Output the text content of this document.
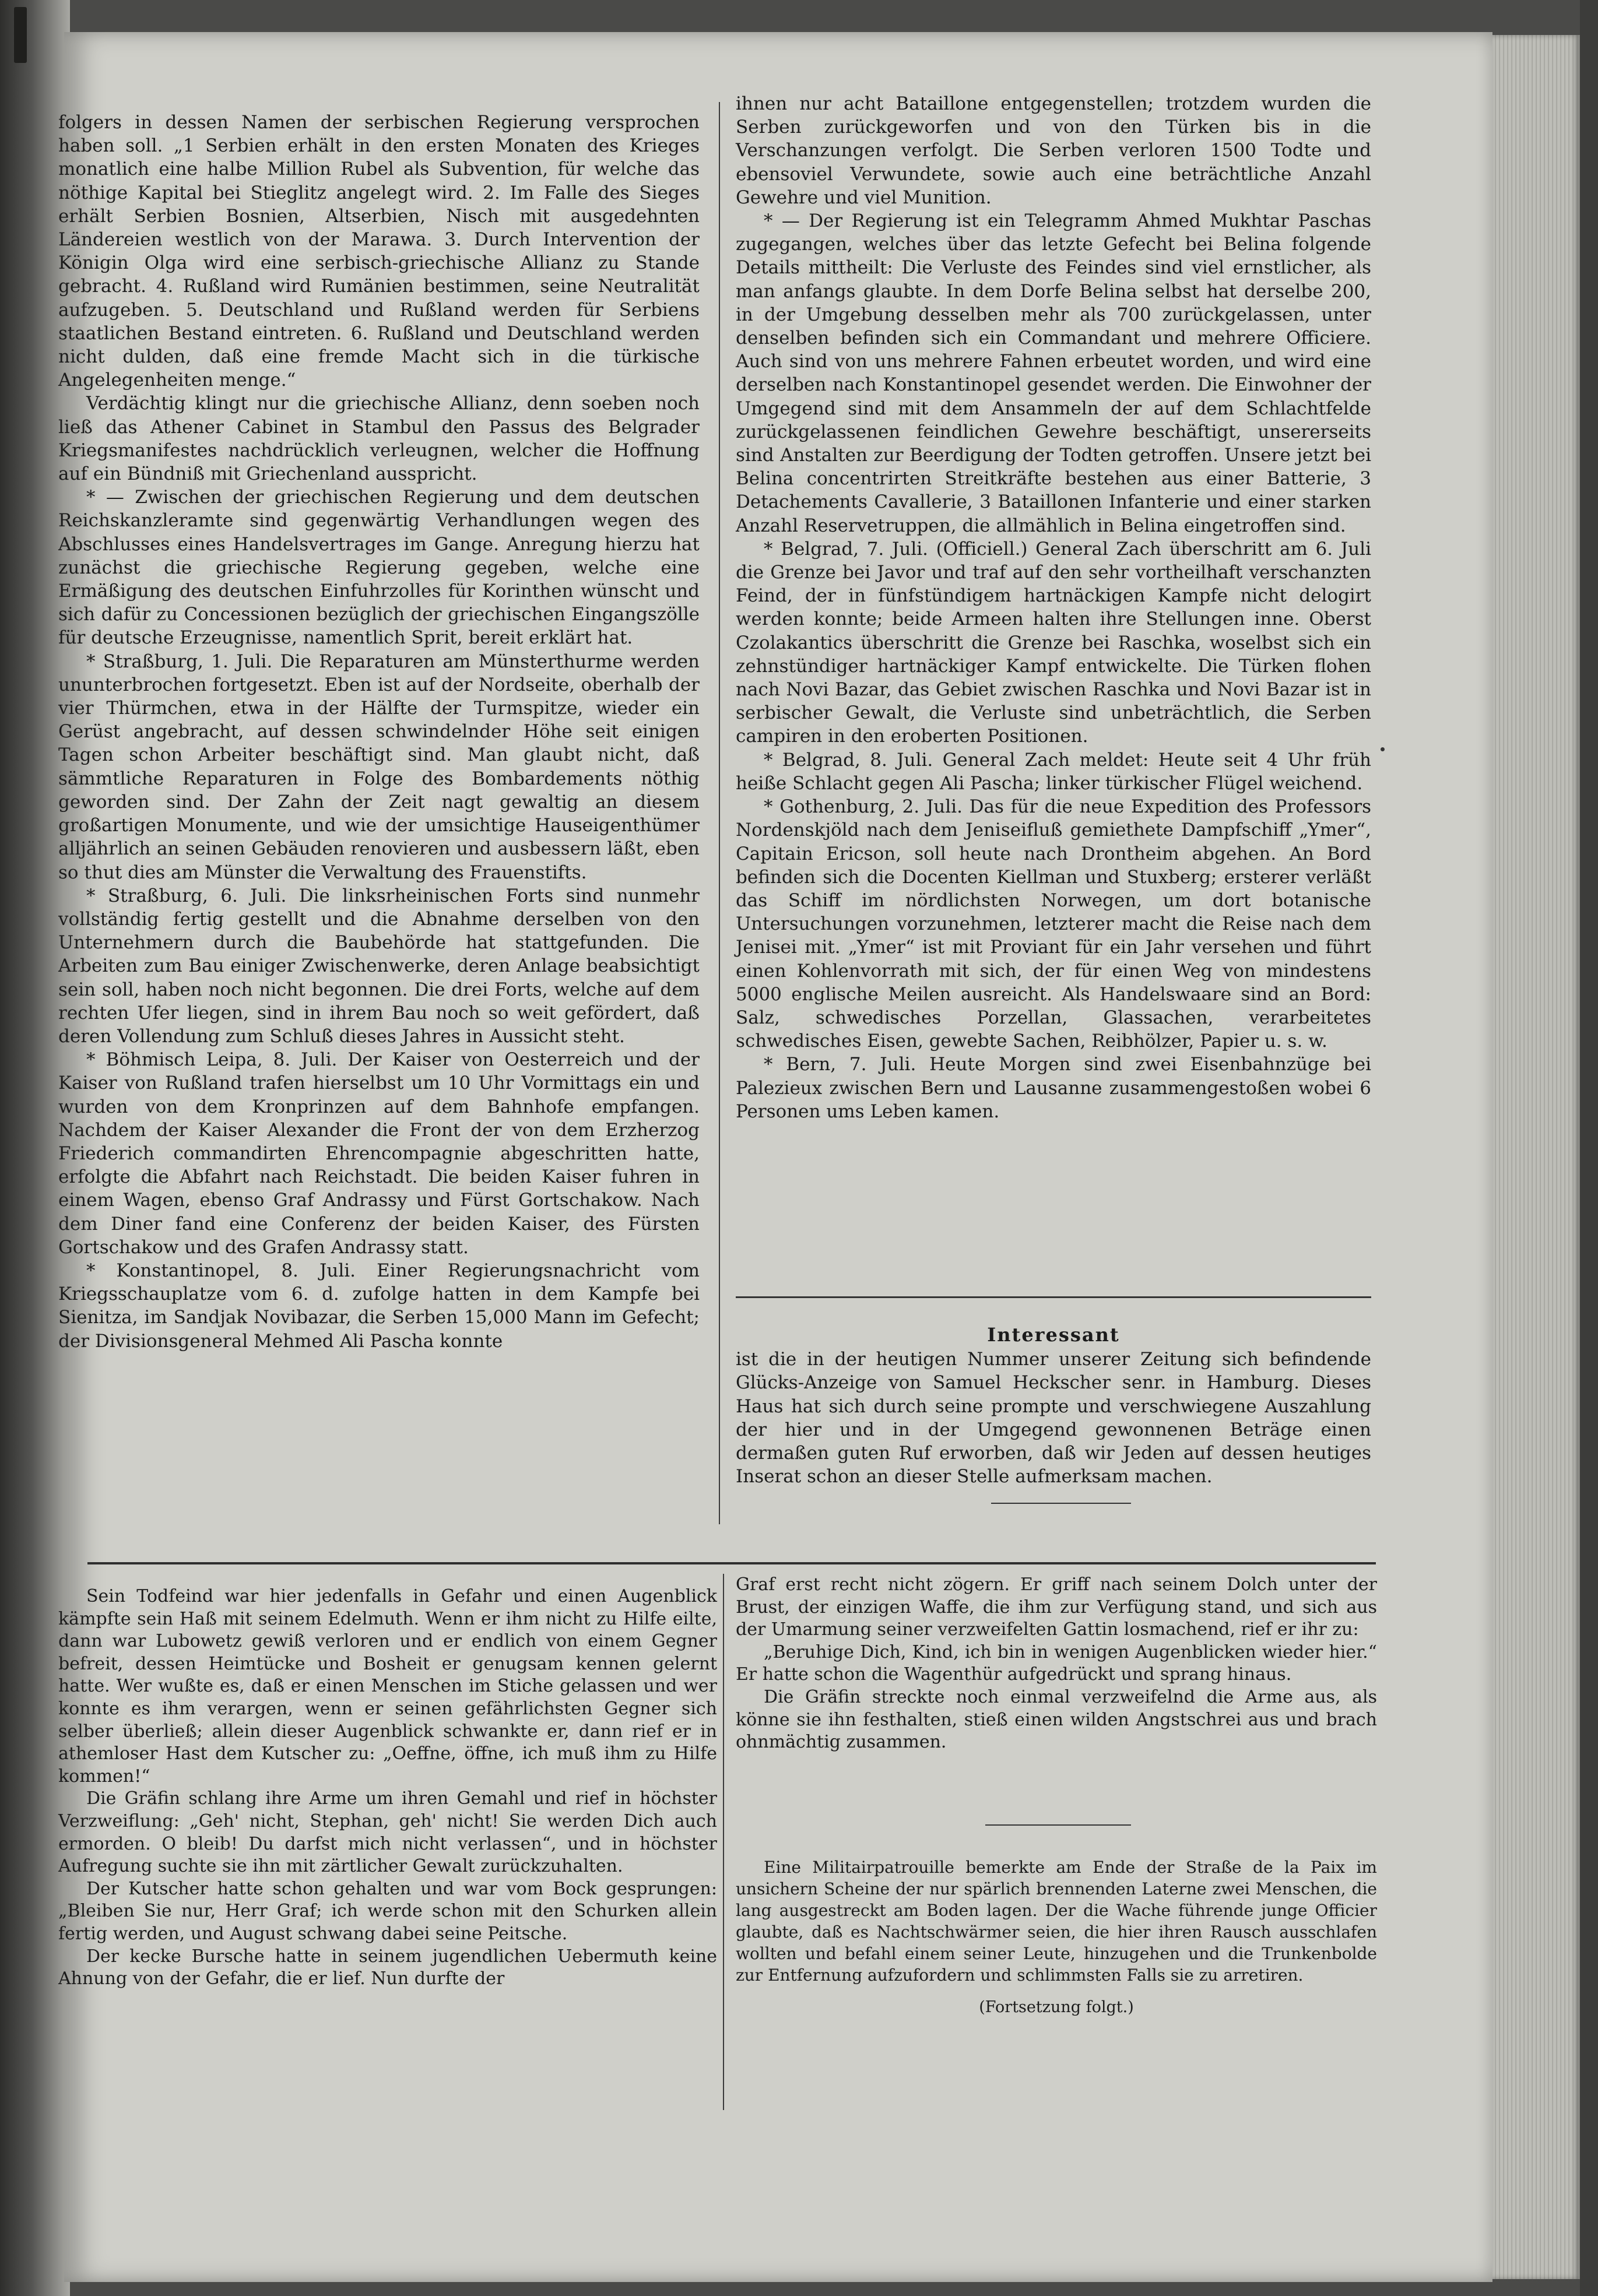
folgers in dessen Namen der serbischen Regierung versprochen haben soll. „1 Serbien erhält in den ersten Monaten des Krieges monatlich eine halbe Million Rubel als Subvention, für welche das nöthige Kapital bei Stieglitz angelegt wird. 2. Im Falle des Sieges erhält Serbien Bosnien, Altserbien, Nisch mit ausgedehnten Ländereien westlich von der Marawa. 3. Durch Intervention der Königin Olga wird eine serbisch-griechische Allianz zu Stande gebracht. 4. Rußland wird Rumänien bestimmen, seine Neutralität aufzugeben. 5. Deutschland und Rußland werden für Serbiens staatlichen Bestand eintreten. 6. Rußland und Deutschland werden nicht dulden, daß eine fremde Macht sich in die türkische Angelegenheiten menge.“

Verdächtig klingt nur die griechische Allianz, denn soeben noch ließ das Athener Cabinet in Stambul den Passus des Belgrader Kriegsmanifestes nachdrücklich verleugnen, welcher die Hoffnung auf ein Bündniß mit Griechenland ausspricht.

* — Zwischen der griechischen Regierung und dem deutschen Reichskanzleramte sind gegenwärtig Verhandlungen wegen des Abschlusses eines Handelsvertrages im Gange. Anregung hierzu hat zunächst die griechische Regierung gegeben, welche eine Ermäßigung des deutschen Einfuhrzolles für Korinthen wünscht und sich dafür zu Concessionen bezüglich der griechischen Eingangszölle für deutsche Erzeugnisse, namentlich Sprit, bereit erklärt hat.

* Straßburg, 1. Juli. Die Reparaturen am Münsterthurme werden ununterbrochen fortgesetzt. Eben ist auf der Nordseite, oberhalb der vier Thürmchen, etwa in der Hälfte der Turmspitze, wieder ein Gerüst angebracht, auf dessen schwindelnder Höhe seit einigen Tagen schon Arbeiter beschäftigt sind. Man glaubt nicht, daß sämmtliche Reparaturen in Folge des Bombardements nöthig geworden sind. Der Zahn der Zeit nagt gewaltig an diesem großartigen Monumente, und wie der umsichtige Hauseigenthümer alljährlich an seinen Gebäuden renovieren und ausbessern läßt, eben so thut dies am Münster die Verwaltung des Frauenstifts.

* Straßburg, 6. Juli. Die linksrheinischen Forts sind nunmehr vollständig fertig gestellt und die Abnahme derselben von den Unternehmern durch die Baubehörde hat stattgefunden. Die Arbeiten zum Bau einiger Zwischenwerke, deren Anlage beabsichtigt sein soll, haben noch nicht begonnen. Die drei Forts, welche auf dem rechten Ufer liegen, sind in ihrem Bau noch so weit gefördert, daß deren Vollendung zum Schluß dieses Jahres in Aussicht steht.

* Böhmisch Leipa, 8. Juli. Der Kaiser von Oesterreich und der Kaiser von Rußland trafen hierselbst um 10 Uhr Vormittags ein und wurden von dem Kronprinzen auf dem Bahnhofe empfangen. Nachdem der Kaiser Alexander die Front der von dem Erzherzog Friederich commandirten Ehrencompagnie abgeschritten hatte, erfolgte die Abfahrt nach Reichstadt. Die beiden Kaiser fuhren in einem Wagen, ebenso Graf Andrassy und Fürst Gortschakow. Nach dem Diner fand eine Conferenz der beiden Kaiser, des Fürsten Gortschakow und des Grafen Andrassy statt.

* Konstantinopel, 8. Juli. Einer Regierungsnachricht vom Kriegsschauplatze vom 6. d. zufolge hatten in dem Kampfe bei Sienitza, im Sandjak Novibazar, die Serben 15,000 Mann im Gefecht; der Divisionsgeneral Mehmed Ali Pascha konnte

ihnen nur acht Bataillone entgegenstellen; trotzdem wurden die Serben zurückgeworfen und von den Türken bis in die Verschanzungen verfolgt. Die Serben verloren 1500 Todte und ebensoviel Verwundete, sowie auch eine beträchtliche Anzahl Gewehre und viel Munition.

* — Der Regierung ist ein Telegramm Ahmed Mukhtar Paschas zugegangen, welches über das letzte Gefecht bei Belina folgende Details mittheilt: Die Verluste des Feindes sind viel ernstlicher, als man anfangs glaubte. In dem Dorfe Belina selbst hat derselbe 200, in der Umgebung desselben mehr als 700 zurückgelassen, unter denselben befinden sich ein Commandant und mehrere Officiere. Auch sind von uns mehrere Fahnen erbeutet worden, und wird eine derselben nach Konstantinopel gesendet werden. Die Einwohner der Umgegend sind mit dem Ansammeln der auf dem Schlachtfelde zurückgelassenen feindlichen Gewehre beschäftigt, unsererseits sind Anstalten zur Beerdigung der Todten getroffen. Unsere jetzt bei Belina concentrirten Streitkräfte bestehen aus einer Batterie, 3 Detachements Cavallerie, 3 Bataillonen Infanterie und einer starken Anzahl Reservetruppen, die allmählich in Belina eingetroffen sind.

* Belgrad, 7. Juli. (Officiell.) General Zach überschritt am 6. Juli die Grenze bei Javor und traf auf den sehr vortheilhaft verschanzten Feind, der in fünfstündigem hartnäckigen Kampfe nicht delogirt werden konnte; beide Armeen halten ihre Stellungen inne. Oberst Czolakantics überschritt die Grenze bei Raschka, woselbst sich ein zehnstündiger hartnäckiger Kampf entwickelte. Die Türken flohen nach Novi Bazar, das Gebiet zwischen Raschka und Novi Bazar ist in serbischer Gewalt, die Verluste sind unbeträchtlich, die Serben campiren in den eroberten Positionen.

* Belgrad, 8. Juli. General Zach meldet: Heute seit 4 Uhr früh heiße Schlacht gegen Ali Pascha; linker türkischer Flügel weichend.

* Gothenburg, 2. Juli. Das für die neue Expedition des Professors Nordenskjöld nach dem Jeniseifluß gemiethete Dampfschiff „Ymer“, Capitain Ericson, soll heute nach Drontheim abgehen. An Bord befinden sich die Docenten Kiellman und Stuxberg; ersterer verläßt das Schiff im nördlichsten Norwegen, um dort botanische Untersuchungen vorzunehmen, letzterer macht die Reise nach dem Jenisei mit. „Ymer“ ist mit Proviant für ein Jahr versehen und führt einen Kohlenvorrath mit sich, der für einen Weg von mindestens 5000 englische Meilen ausreicht. Als Handelswaare sind an Bord: Salz, schwedisches Porzellan, Glassachen, verarbeitetes schwedisches Eisen, gewebte Sachen, Reibhölzer, Papier u. s. w.

* Bern, 7. Juli. Heute Morgen sind zwei Eisenbahnzüge bei Palezieux zwischen Bern und Lausanne zusammengestoßen wobei 6 Personen ums Leben kamen.

Interessant

ist die in der heutigen Nummer unserer Zeitung sich befindende Glücks-Anzeige von Samuel Heckscher senr. in Hamburg. Dieses Haus hat sich durch seine prompte und verschwiegene Auszahlung der hier und in der Umgegend gewonnenen Beträge einen dermaßen guten Ruf erworben, daß wir Jeden auf dessen heutiges Inserat schon an dieser Stelle aufmerksam machen.

Sein Todfeind war hier jedenfalls in Gefahr und einen Augenblick kämpfte sein Haß mit seinem Edelmuth. Wenn er ihm nicht zu Hilfe eilte, dann war Lubowetz gewiß verloren und er endlich von einem Gegner befreit, dessen Heimtücke und Bosheit er genugsam kennen gelernt hatte. Wer wußte es, daß er einen Menschen im Stiche gelassen und wer konnte es ihm verargen, wenn er seinen gefährlichsten Gegner sich selber überließ; allein dieser Augenblick schwankte er, dann rief er in athemloser Hast dem Kutscher zu: „Oeffne, öffne, ich muß ihm zu Hilfe kommen!“

Die Gräfin schlang ihre Arme um ihren Gemahl und rief in höchster Verzweiflung: „Geh' nicht, Stephan, geh' nicht! Sie werden Dich auch ermorden. O bleib! Du darfst mich nicht verlassen“, und in höchster Aufregung suchte sie ihn mit zärtlicher Gewalt zurückzuhalten.

Der Kutscher hatte schon gehalten und war vom Bock gesprungen: „Bleiben Sie nur, Herr Graf; ich werde schon mit den Schurken allein fertig werden, und August schwang dabei seine Peitsche.

Der kecke Bursche hatte in seinem jugendlichen Uebermuth keine Ahnung von der Gefahr, die er lief. Nun durfte der

Graf erst recht nicht zögern. Er griff nach seinem Dolch unter der Brust, der einzigen Waffe, die ihm zur Verfügung stand, und sich aus der Umarmung seiner verzweifelten Gattin losmachend, rief er ihr zu:

„Beruhige Dich, Kind, ich bin in wenigen Augenblicken wieder hier.“ Er hatte schon die Wagenthür aufgedrückt und sprang hinaus.

Die Gräfin streckte noch einmal verzweifelnd die Arme aus, als könne sie ihn festhalten, stieß einen wilden Angstschrei aus und brach ohnmächtig zusammen.

Eine Militairpatrouille bemerkte am Ende der Straße de la Paix im unsichern Scheine der nur spärlich brennenden Laterne zwei Menschen, die lang ausgestreckt am Boden lagen. Der die Wache führende junge Officier glaubte, daß es Nachtschwärmer seien, die hier ihren Rausch ausschlafen wollten und befahl einem seiner Leute, hinzugehen und die Trunkenbolde zur Entfernung aufzufordern und schlimmsten Falls sie zu arretiren.

(Fortsetzung folgt.)
